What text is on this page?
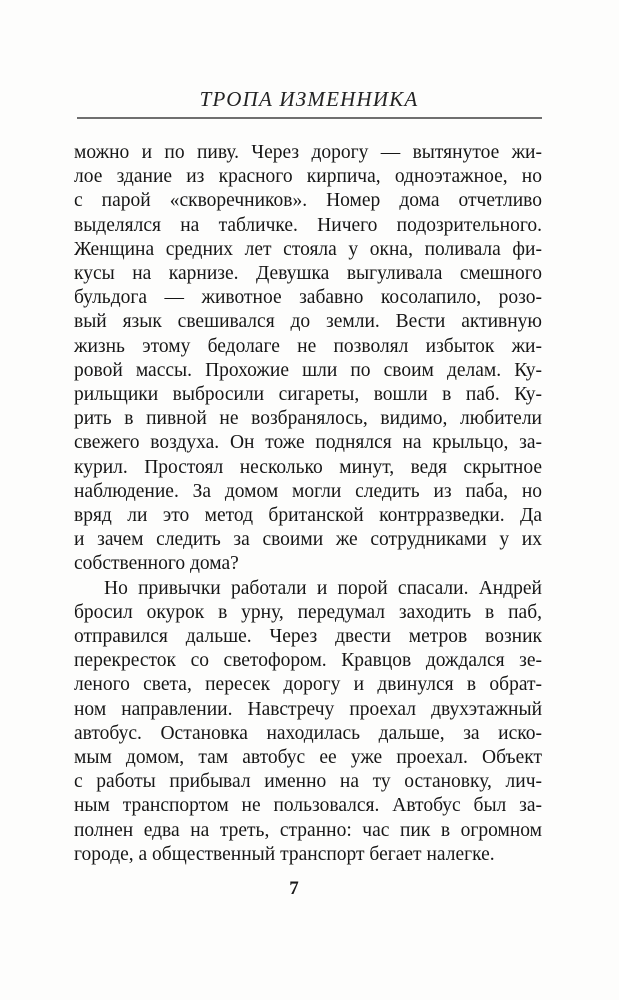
ТРОПА ИЗМЕННИКА
можно и по пиву. Через дорогу — вытянутое жи-
лое здание из красного кирпича, одноэтажное, но
с парой «скворечников». Номер дома отчетливо
выделялся на табличке. Ничего подозрительного.
Женщина средних лет стояла у окна, поливала фи-
кусы на карнизе. Девушка выгуливала смешного
бульдога — животное забавно косолапило, розо-
вый язык свешивался до земли. Вести активную
жизнь этому бедолаге не позволял избыток жи-
ровой массы. Прохожие шли по своим делам. Ку-
рильщики выбросили сигареты, вошли в паб. Ку-
рить в пивной не возбранялось, видимо, любители
свежего воздуха. Он тоже поднялся на крыльцо, за-
курил. Простоял несколько минут, ведя скрытное
наблюдение. За домом могли следить из паба, но
вряд ли это метод британской контрразведки. Да
и зачем следить за своими же сотрудниками у их
собственного дома?
Но привычки работали и порой спасали. Андрей
бросил окурок в урну, передумал заходить в паб,
отправился дальше. Через двести метров возник
перекресток со светофором. Кравцов дождался зе-
леного света, пересек дорогу и двинулся в обрат-
ном направлении. Навстречу проехал двухэтажный
автобус. Остановка находилась дальше, за иско-
мым домом, там автобус ее уже проехал. Объект
с работы прибывал именно на ту остановку, лич-
ным транспортом не пользовался. Автобус был за-
полнен едва на треть, странно: час пик в огромном
городе, а общественный транспорт бегает налегке.
7
